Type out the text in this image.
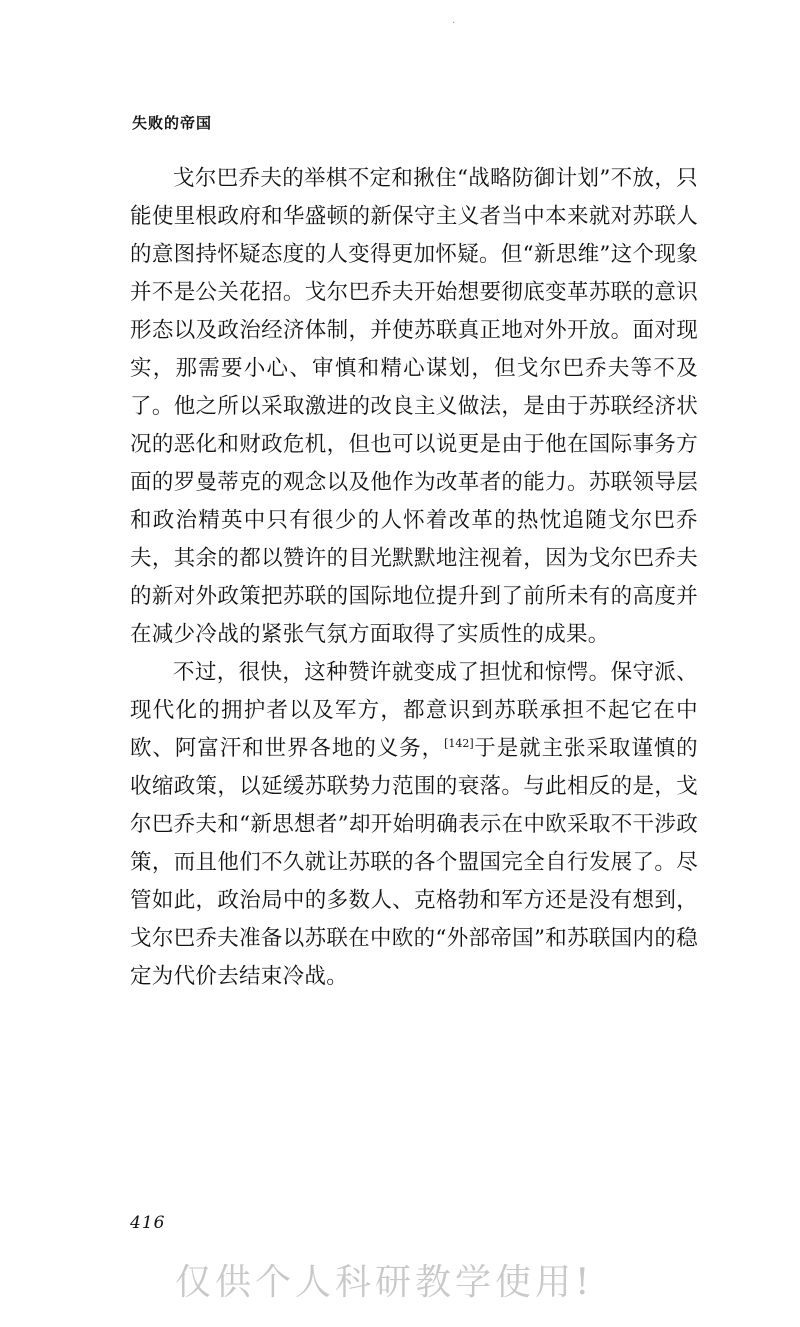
·
失败的帝国

戈尔巴乔夫的举棋不定和揪住“战略防御计划”不放，只能使里根政府和华盛顿的新保守主义者当中本来就对苏联人的意图持怀疑态度的人变得更加怀疑。但“新思维”这个现象并不是公关花招。戈尔巴乔夫开始想要彻底变革苏联的意识形态以及政治经济体制，并使苏联真正地对外开放。面对现实，那需要小心、审慎和精心谋划，但戈尔巴乔夫等不及了。他之所以采取激进的改良主义做法，是由于苏联经济状况的恶化和财政危机，但也可以说更是由于他在国际事务方面的罗曼蒂克的观念以及他作为改革者的能力。苏联领导层和政治精英中只有很少的人怀着改革的热忱追随戈尔巴乔夫，其余的都以赞许的目光默默地注视着，因为戈尔巴乔夫的新对外政策把苏联的国际地位提升到了前所未有的高度并在减少冷战的紧张气氛方面取得了实质性的成果。

不过，很快，这种赞许就变成了担忧和惊愕。保守派、现代化的拥护者以及军方，都意识到苏联承担不起它在中欧、阿富汗和世界各地的义务，[142]于是就主张采取谨慎的收缩政策，以延缓苏联势力范围的衰落。与此相反的是，戈尔巴乔夫和“新思想者”却开始明确表示在中欧采取不干涉政策，而且他们不久就让苏联的各个盟国完全自行发展了。尽管如此，政治局中的多数人、克格勃和军方还是没有想到，戈尔巴乔夫准备以苏联在中欧的“外部帝国”和苏联国内的稳定为代价去结束冷战。

416
仅供个人科研教学使用!
